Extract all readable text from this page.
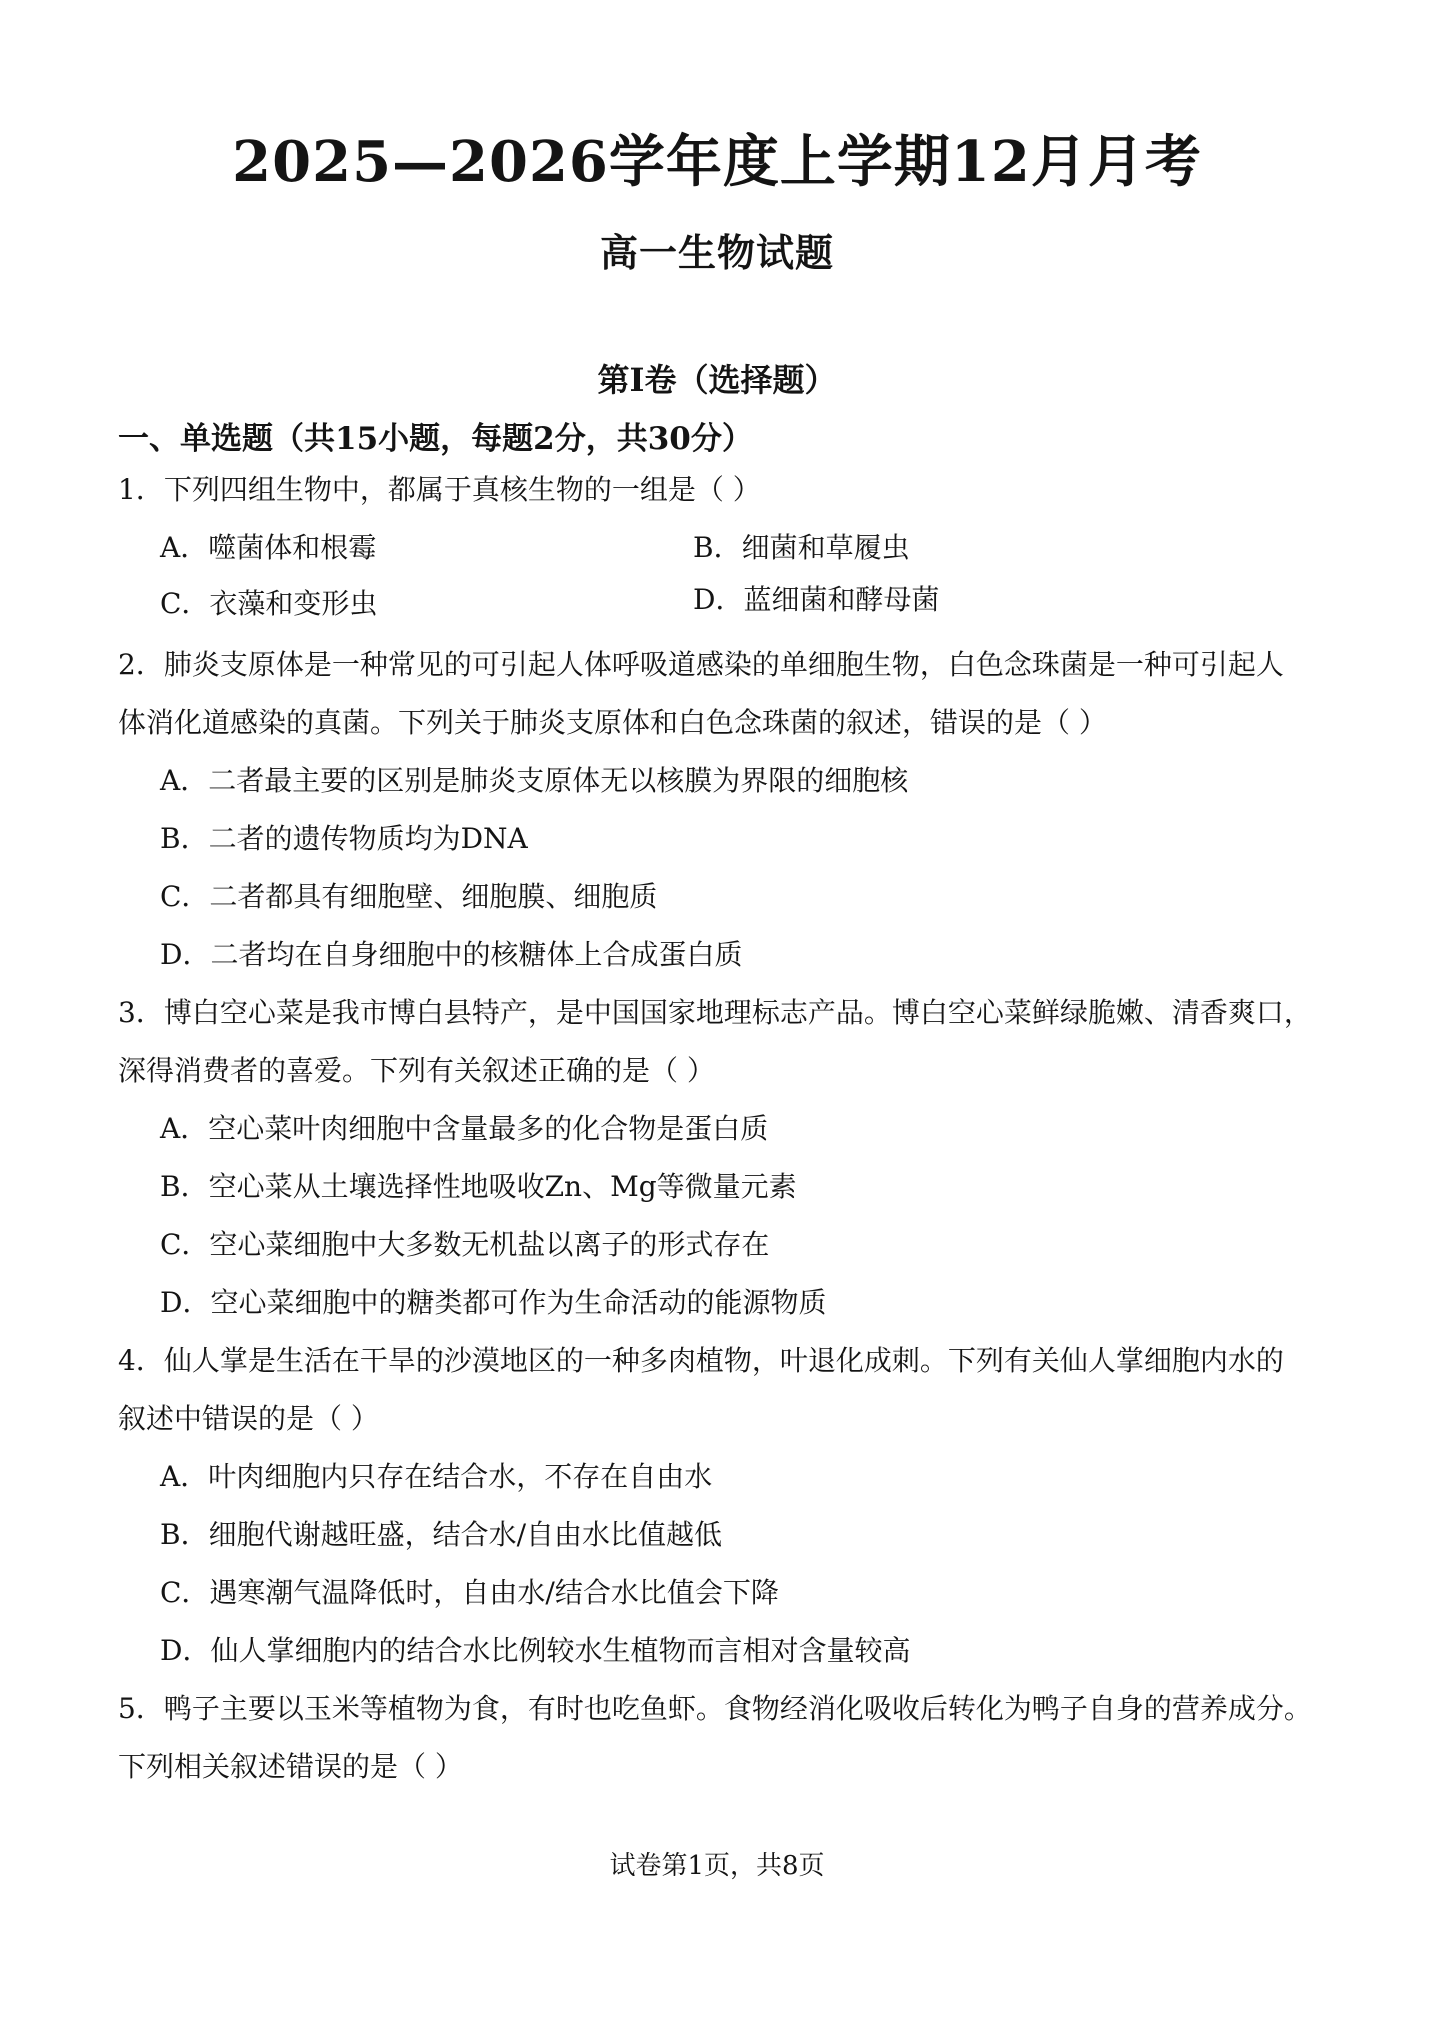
2025—2026学年度上学期12月月考
高一生物试题
第I卷（选择题）
一、单选题（共15小题，每题2分，共30分）
1．下列四组生物中，都属于真核生物的一组是（ ）
A．噬菌体和根霉	B．细菌和草履虫
C．衣藻和变形虫	D．蓝细菌和酵母菌
2．肺炎支原体是一种常见的可引起人体呼吸道感染的单细胞生物，白色念珠菌是一种可引起人
体消化道感染的真菌。下列关于肺炎支原体和白色念珠菌的叙述，错误的是（ ）
A．二者最主要的区别是肺炎支原体无以核膜为界限的细胞核
B．二者的遗传物质均为DNA
C．二者都具有细胞壁、细胞膜、细胞质
D．二者均在自身细胞中的核糖体上合成蛋白质
3．博白空心菜是我市博白县特产，是中国国家地理标志产品。博白空心菜鲜绿脆嫩、清香爽口，
深得消费者的喜爱。下列有关叙述正确的是（ ）
A．空心菜叶肉细胞中含量最多的化合物是蛋白质
B．空心菜从土壤选择性地吸收Zn、Mg等微量元素
C．空心菜细胞中大多数无机盐以离子的形式存在
D．空心菜细胞中的糖类都可作为生命活动的能源物质
4．仙人掌是生活在干旱的沙漠地区的一种多肉植物，叶退化成刺。下列有关仙人掌细胞内水的
叙述中错误的是（ ）
A．叶肉细胞内只存在结合水，不存在自由水
B．细胞代谢越旺盛，结合水/自由水比值越低
C．遇寒潮气温降低时，自由水/结合水比值会下降
D．仙人掌细胞内的结合水比例较水生植物而言相对含量较高
5．鸭子主要以玉米等植物为食，有时也吃鱼虾。食物经消化吸收后转化为鸭子自身的营养成分。
下列相关叙述错误的是（ ）
试卷第1页，共8页
